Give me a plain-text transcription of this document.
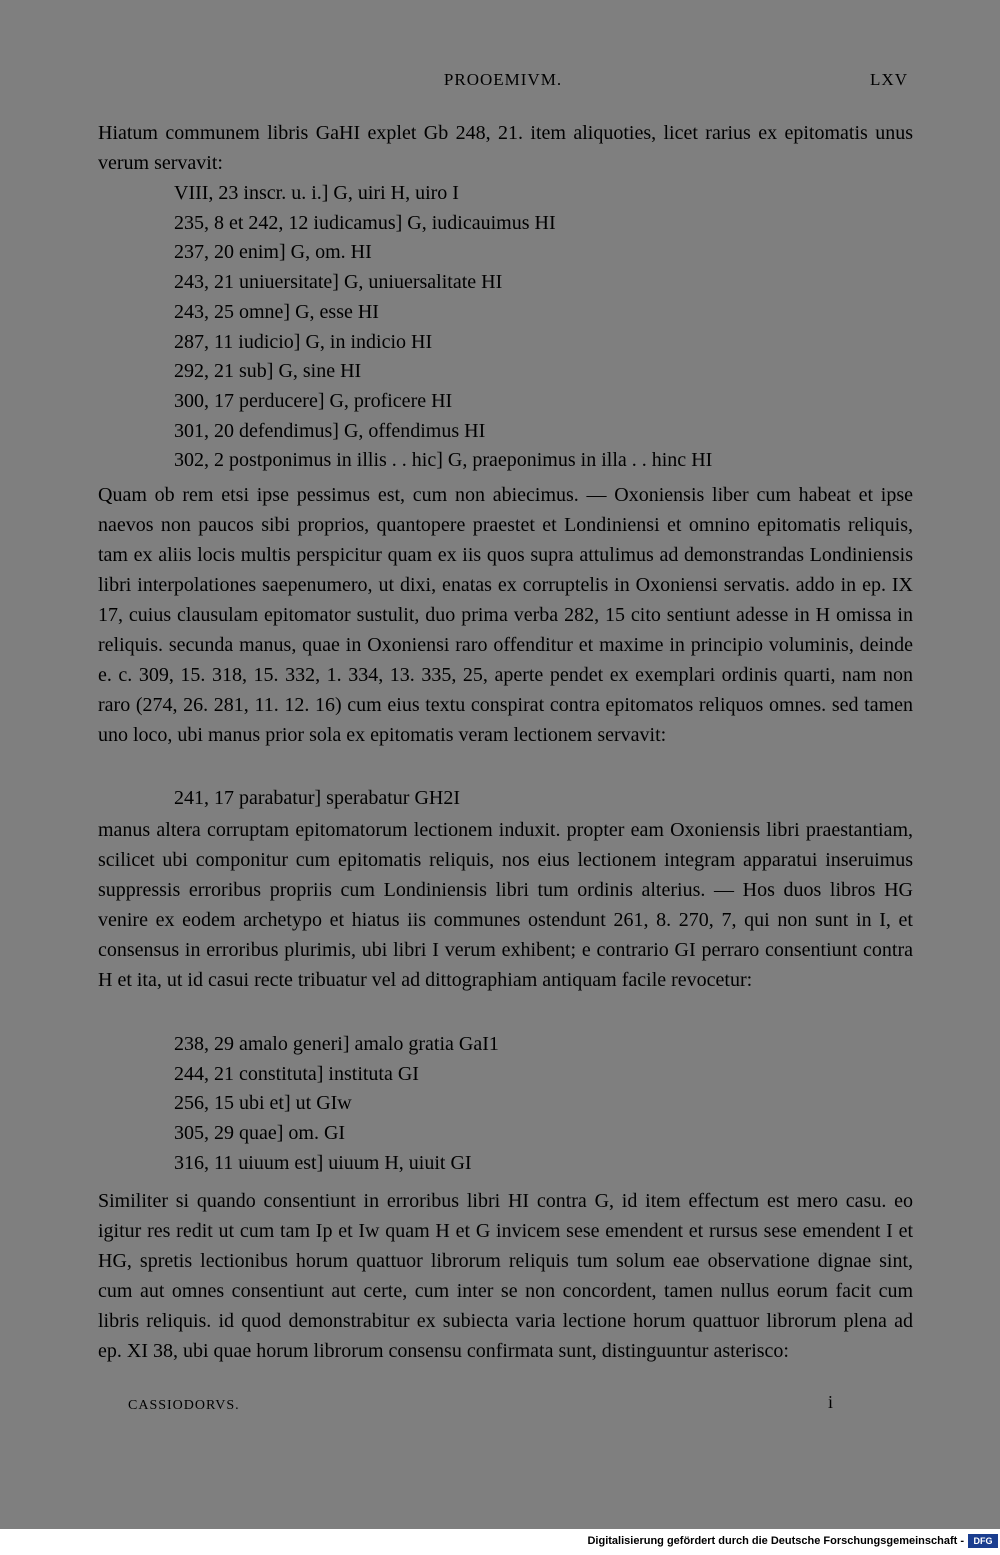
PROOEMIVM.	LXV

Hiatum communem libris GaHI explet Gb 248, 21. item aliquoties, licet rarius ex epitomatis unus verum servavit:

VIII, 23 inscr. u. i.] G, uiri H, uiro I
235, 8 et 242, 12 iudicamus] G, iudicauimus HI
237, 20 enim] G, om. HI
243, 21 uniuersitate] G, uniuersalitate HI
243, 25 omne] G, esse HI
287, 11 iudicio] G, in indicio HI
292, 21 sub] G, sine HI
300, 17 perducere] G, proficere HI
301, 20 defendimus] G, offendimus HI
302, 2 postponimus in illis . . hic] G, praeponimus in illa . . hinc HI

Quam ob rem etsi ipse pessimus est, cum non abiecimus. — Oxoniensis liber cum habeat et ipse naevos non paucos sibi proprios, quantopere praestet et Londiniensi et omnino epitomatis reliquis, tam ex aliis locis multis perspicitur quam ex iis quos supra attulimus ad demonstrandas Londiniensis libri interpolationes saepenumero, ut dixi, enatas ex corruptelis in Oxoniensi servatis. addo in ep. IX 17, cuius clausulam epitomator sustulit, duo prima verba 282, 15 cito sentiunt adesse in H omissa in reliquis. secunda manus, quae in Oxoniensi raro offenditur et maxime in principio voluminis, deinde e. c. 309, 15. 318, 15. 332, 1. 334, 13. 335, 25, aperte pendet ex exemplari ordinis quarti, nam non raro (274, 26. 281, 11. 12. 16) cum eius textu conspirat contra epitomatos reliquos omnes. sed tamen uno loco, ubi manus prior sola ex epitomatis veram lectionem servavit:

241, 17 parabatur] sperabatur GH2I

manus altera corruptam epitomatorum lectionem induxit. propter eam Oxoniensis libri praestantiam, scilicet ubi componitur cum epitomatis reliquis, nos eius lectionem integram apparatui inseruimus suppressis erroribus propriis cum Londiniensis libri tum ordinis alterius. — Hos duos libros HG venire ex eodem archetypo et hiatus iis communes ostendunt 261, 8. 270, 7, qui non sunt in I, et consensus in erroribus plurimis, ubi libri I verum exhibent; e contrario GI perraro consentiunt contra H et ita, ut id casui recte tribuatur vel ad dittographiam antiquam facile revocetur:

238, 29 amalo generi] amalo gratia GaI1
244, 21 constituta] instituta GI
256, 15 ubi et] ut GIw
305, 29 quae] om. GI
316, 11 uiuum est] uiuum H, uiuit GI

Similiter si quando consentiunt in erroribus libri HI contra G, id item effectum est mero casu. eo igitur res redit ut cum tam Ip et Iw quam H et G invicem sese emendent et rursus sese emendent I et HG, spretis lectionibus horum quattuor librorum reliquis tum solum eae observatione dignae sint, cum aut omnes consentiunt aut certe, cum inter se non concordent, tamen nullus eorum facit cum libris reliquis. id quod demonstrabitur ex subiecta varia lectione horum quattuor librorum plena ad ep. XI 38, ubi quae horum librorum consensu confirmata sunt, distinguuntur asterisco:

CASSIODORVS.	i
Digitalisierung gefördert durch die Deutsche Forschungsgemeinschaft -	DFG
